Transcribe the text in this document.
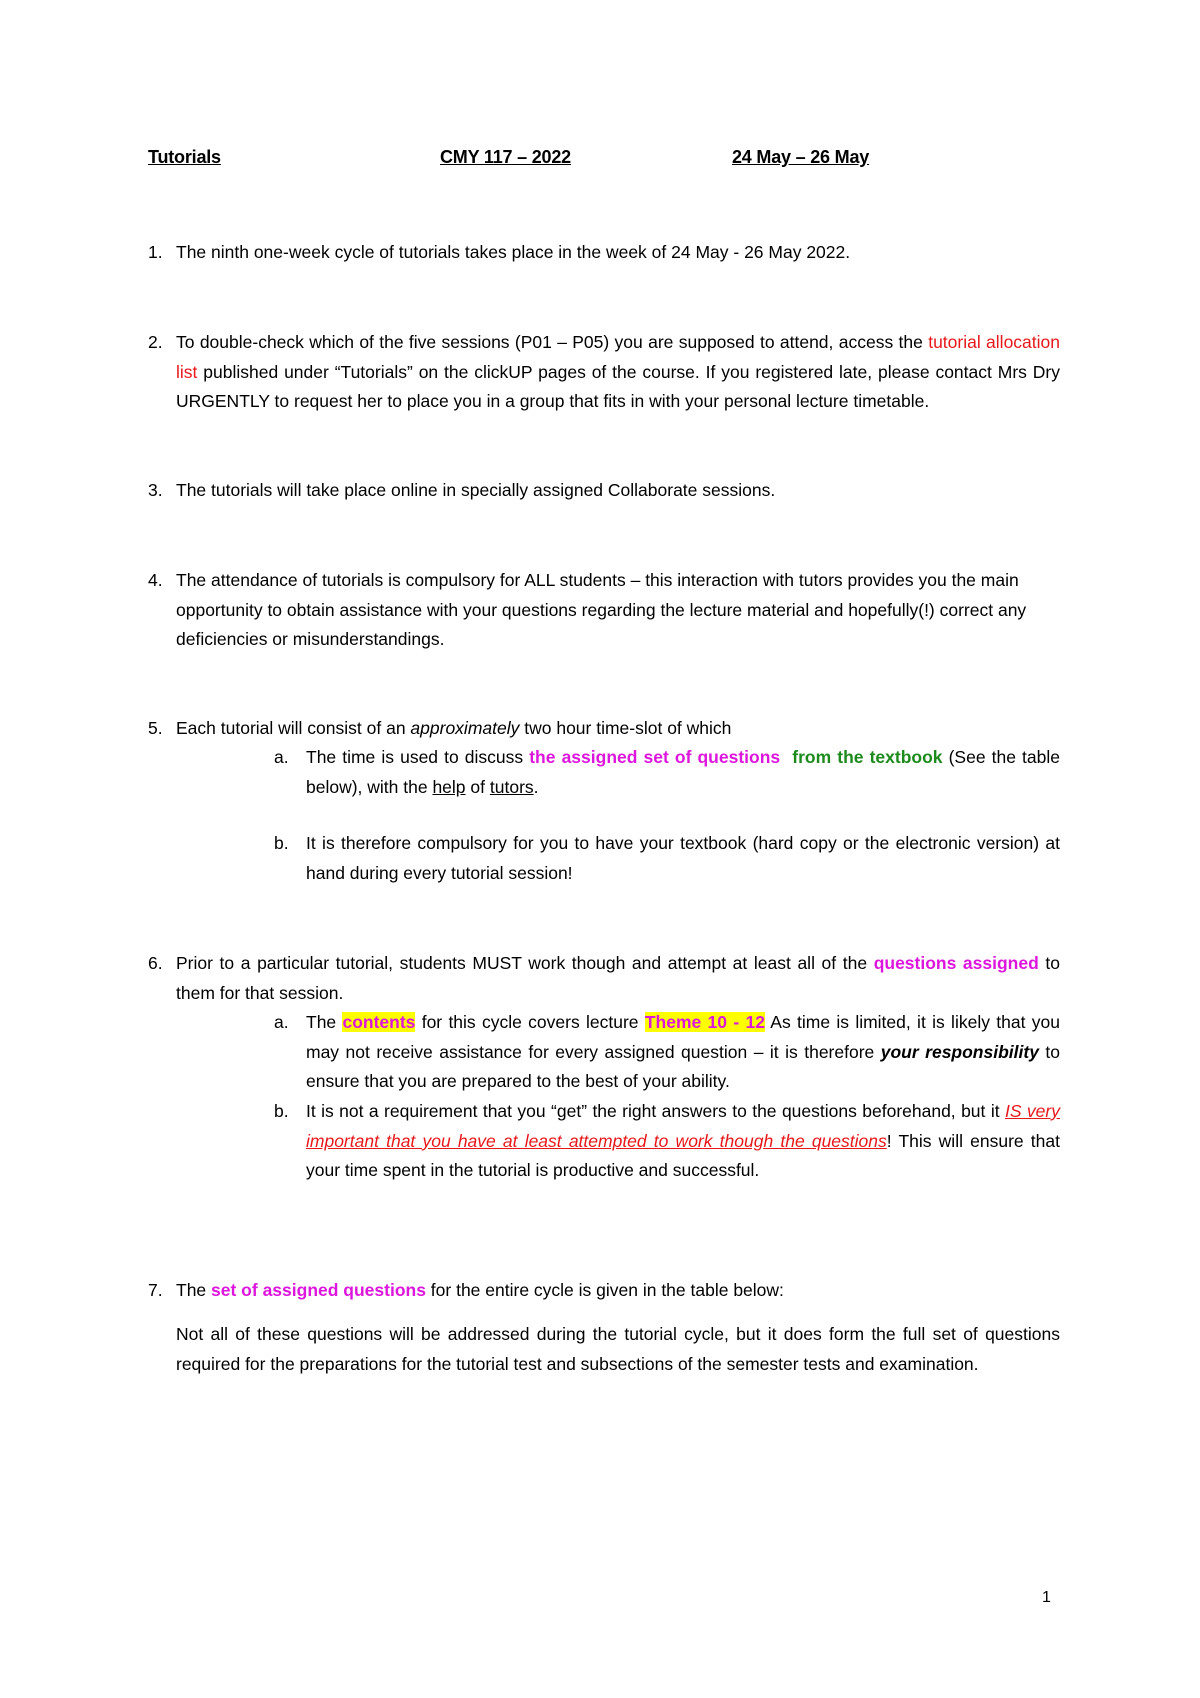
Tutorials	CMY 117 – 2022	24 May – 26 May
1. The ninth one-week cycle of tutorials takes place in the week of 24 May - 26 May 2022.
2. To double-check which of the five sessions (P01 – P05) you are supposed to attend, access the tutorial allocation list published under “Tutorials” on the clickUP pages of the course. If you registered late, please contact Mrs Dry URGENTLY to request her to place you in a group that fits in with your personal lecture timetable.
3. The tutorials will take place online in specially assigned Collaborate sessions.
4. The attendance of tutorials is compulsory for ALL students – this interaction with tutors provides you the main opportunity to obtain assistance with your questions regarding the lecture material and hopefully(!) correct any deficiencies or misunderstandings.
5. Each tutorial will consist of an approximately two hour time-slot of which
a. The time is used to discuss the assigned set of questions from the textbook (See the table below), with the help of tutors.
b. It is therefore compulsory for you to have your textbook (hard copy or the electronic version) at hand during every tutorial session!
6. Prior to a particular tutorial, students MUST work though and attempt at least all of the questions assigned to them for that session.
a. The contents for this cycle covers lecture Theme 10 - 12 As time is limited, it is likely that you may not receive assistance for every assigned question – it is therefore your responsibility to ensure that you are prepared to the best of your ability.
b. It is not a requirement that you “get” the right answers to the questions beforehand, but it IS very important that you have at least attempted to work though the questions! This will ensure that your time spent in the tutorial is productive and successful.
7. The set of assigned questions for the entire cycle is given in the table below:
Not all of these questions will be addressed during the tutorial cycle, but it does form the full set of questions required for the preparations for the tutorial test and subsections of the semester tests and examination.
1
